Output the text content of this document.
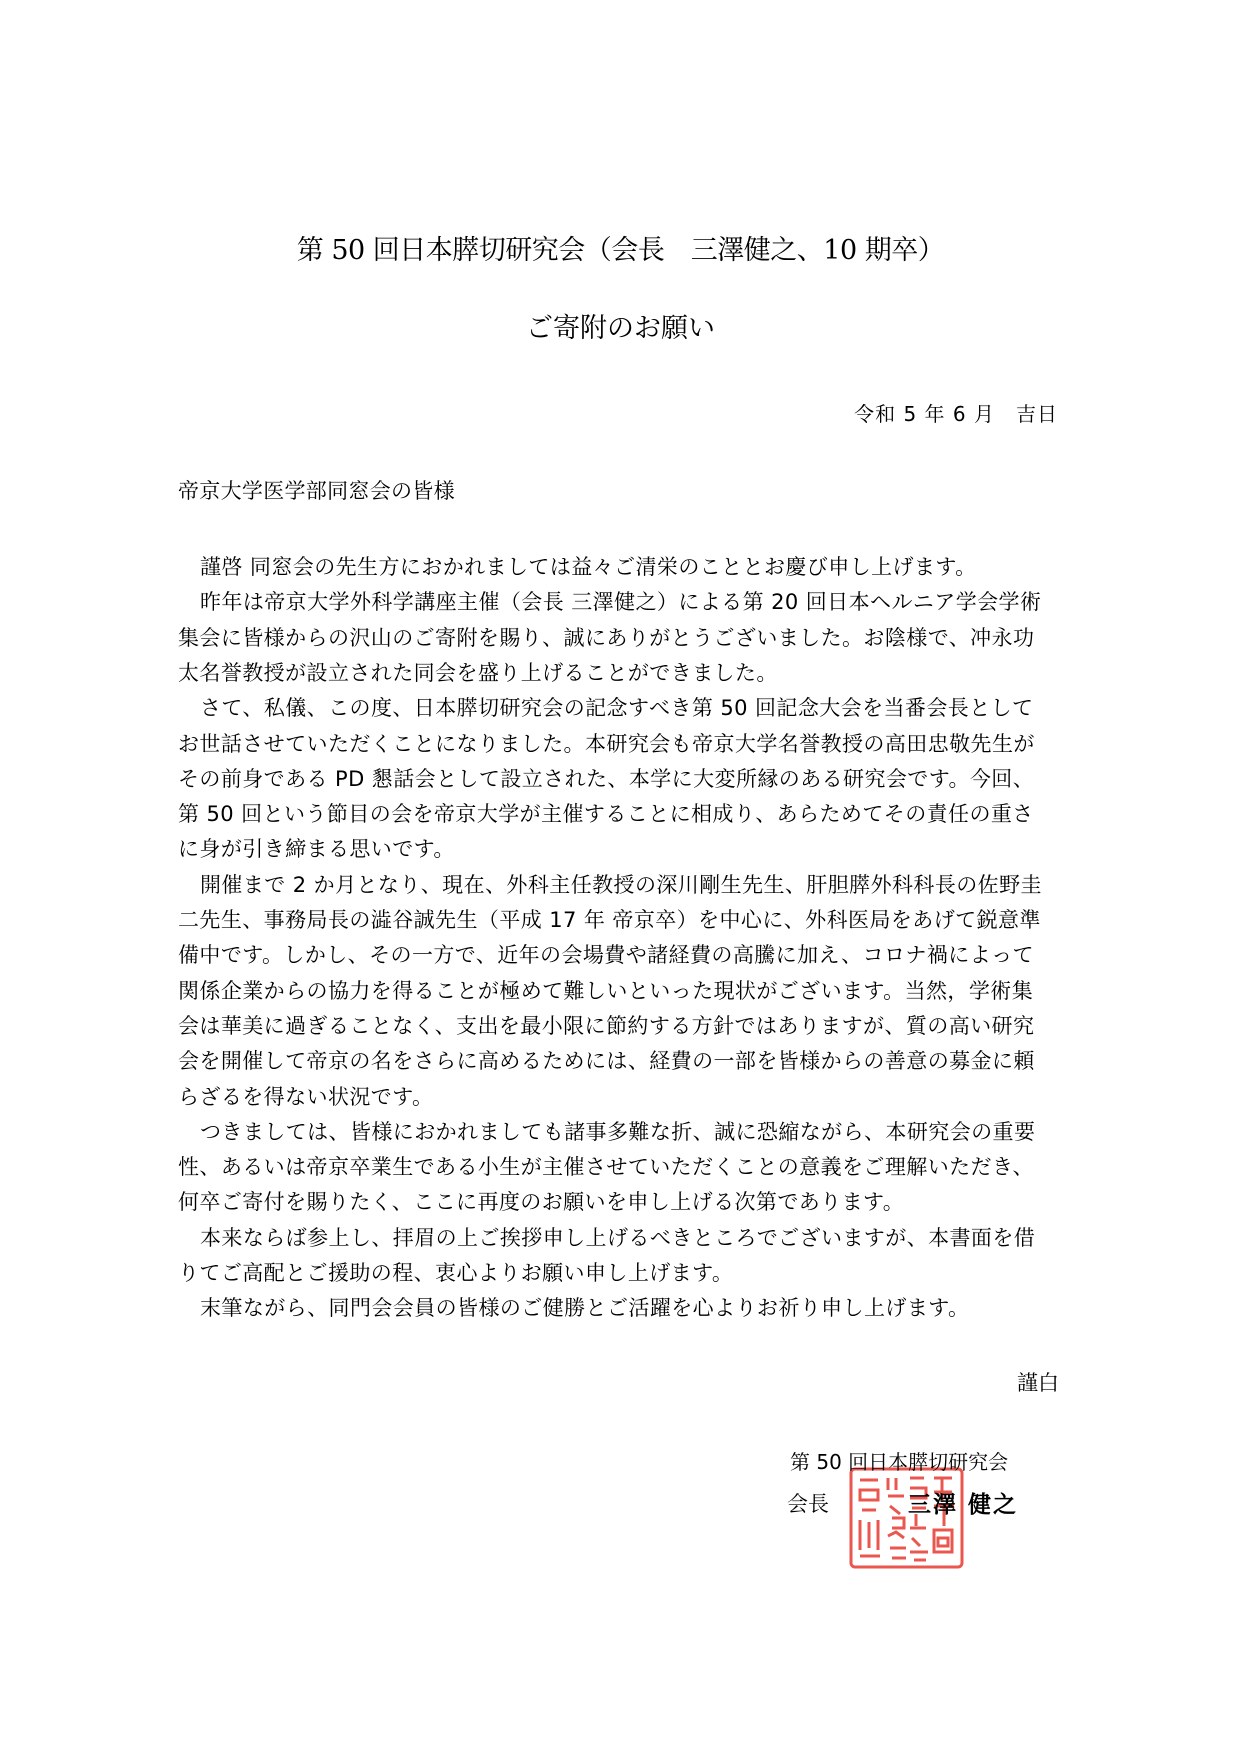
第 50 回日本膵切研究会（会長　三澤健之、10 期卒）
ご寄附のお願い
令和 5 年 6 月　吉日
帝京大学医学部同窓会の皆様
謹啓 同窓会の先生方におかれましては益々ご清栄のこととお慶び申し上げます。
昨年は帝京大学外科学講座主催（会長 三澤健之）による第 20 回日本ヘルニア学会学術
集会に皆様からの沢山のご寄附を賜り、誠にありがとうございました。お陰様で、冲永功
太名誉教授が設立された同会を盛り上げることができました。
さて、私儀、この度、日本膵切研究会の記念すべき第 50 回記念大会を当番会長として
お世話させていただくことになりました。本研究会も帝京大学名誉教授の高田忠敬先生が
その前身である PD 懇話会として設立された、本学に大変所縁のある研究会です。今回、
第 50 回という節目の会を帝京大学が主催することに相成り、あらためてその責任の重さ
に身が引き締まる思いです。
開催まで 2 か月となり、現在、外科主任教授の深川剛生先生、肝胆膵外科科長の佐野圭
二先生、事務局長の澁谷誠先生（平成 17 年 帝京卒）を中心に、外科医局をあげて鋭意準
備中です。しかし、その一方で、近年の会場費や諸経費の高騰に加え、コロナ禍によって
関係企業からの協力を得ることが極めて難しいといった現状がございます。当然，学術集
会は華美に過ぎることなく、支出を最小限に節約する方針ではありますが、質の高い研究
会を開催して帝京の名をさらに高めるためには、経費の一部を皆様からの善意の募金に頼
らざるを得ない状況です。
つきましては、皆様におかれましても諸事多難な折、誠に恐縮ながら、本研究会の重要
性、あるいは帝京卒業生である小生が主催させていただくことの意義をご理解いただき、
何卒ご寄付を賜りたく、ここに再度のお願いを申し上げる次第であります。
本来ならば参上し、拝眉の上ご挨拶申し上げるべきところでございますが、本書面を借
りてご高配とご援助の程、衷心よりお願い申し上げます。
末筆ながら、同門会会員の皆様のご健勝とご活躍を心よりお祈り申し上げます。
謹白
第 50 回日本膵切研究会
会長	三澤 健之
